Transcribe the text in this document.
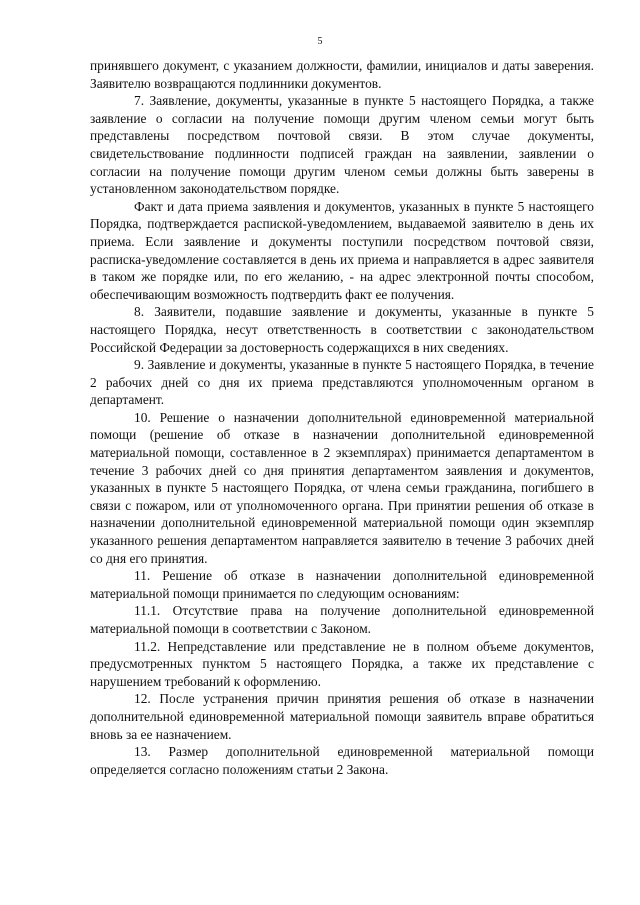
5

принявшего документ, с указанием должности, фамилии, инициалов и даты заверения. Заявителю возвращаются подлинники документов.

7. Заявление, документы, указанные в пункте 5 настоящего Порядка, а также заявление о согласии на получение помощи другим членом семьи могут быть представлены посредством почтовой связи. В этом случае документы, свидетельствование подлинности подписей граждан на заявлении, заявлении о согласии на получение помощи другим членом семьи должны быть заверены в установленном законодательством порядке.

Факт и дата приема заявления и документов, указанных в пункте 5 настоящего Порядка, подтверждается распиской-уведомлением, выдаваемой заявителю в день их приема. Если заявление и документы поступили посредством почтовой связи, расписка-уведомление составляется в день их приема и направляется в адрес заявителя в таком же порядке или, по его желанию, - на адрес электронной почты способом, обеспечивающим возможность подтвердить факт ее получения.

8. Заявители, подавшие заявление и документы, указанные в пункте 5 настоящего Порядка, несут ответственность в соответствии с законодательством Российской Федерации за достоверность содержащихся в них сведениях.

9. Заявление и документы, указанные в пункте 5 настоящего Порядка, в течение 2 рабочих дней со дня их приема представляются уполномоченным органом в департамент.

10. Решение о назначении дополнительной единовременной материальной помощи (решение об отказе в назначении дополнительной единовременной материальной помощи, составленное в 2 экземплярах) принимается департаментом в течение 3 рабочих дней со дня принятия департаментом заявления и документов, указанных в пункте 5 настоящего Порядка, от члена семьи гражданина, погибшего в связи с пожаром, или от уполномоченного органа. При принятии решения об отказе в назначении дополнительной единовременной материальной помощи один экземпляр указанного решения департаментом направляется заявителю в течение 3 рабочих дней со дня его принятия.

11. Решение об отказе в назначении дополнительной единовременной материальной помощи принимается по следующим основаниям:

11.1. Отсутствие права на получение дополнительной единовременной материальной помощи в соответствии с Законом.

11.2. Непредставление или представление не в полном объеме документов, предусмотренных пунктом 5 настоящего Порядка, а также их представление с нарушением требований к оформлению.

12. После устранения причин принятия решения об отказе в назначении дополнительной единовременной материальной помощи заявитель вправе обратиться вновь за ее назначением.

13. Размер дополнительной единовременной материальной помощи определяется согласно положениям статьи 2 Закона.
